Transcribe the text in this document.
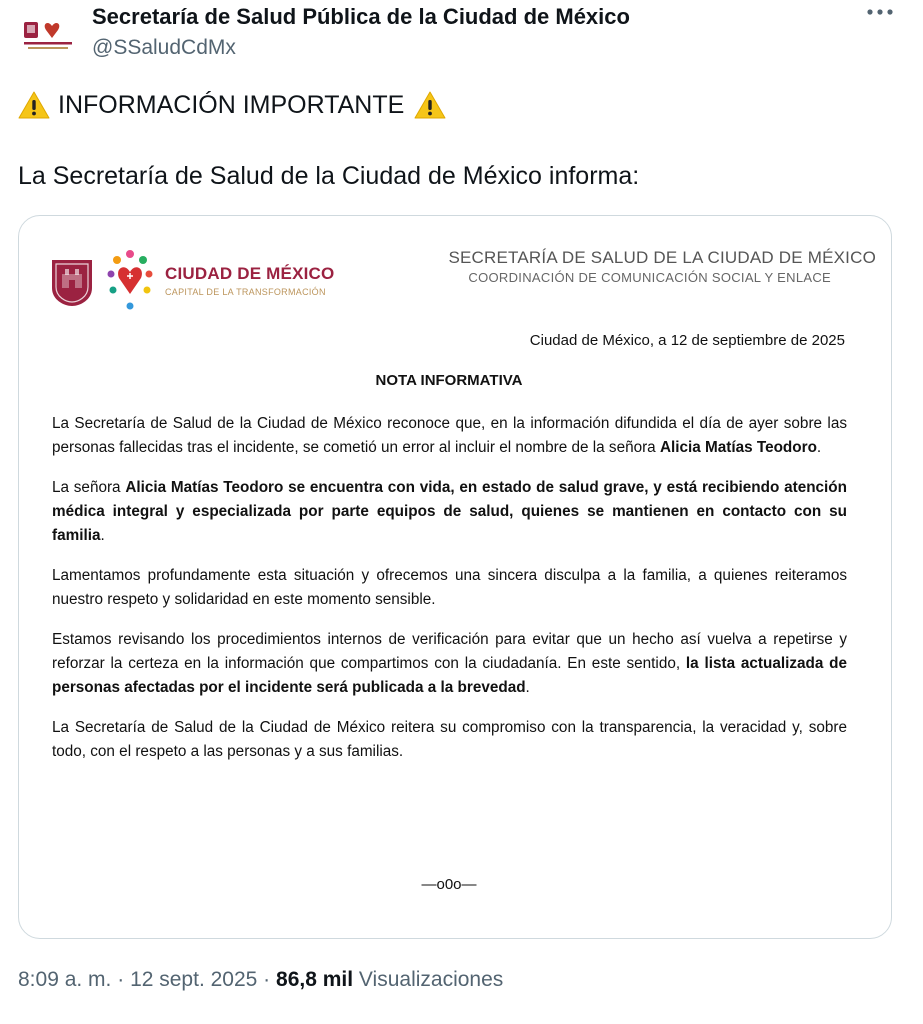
Secretaría de Salud Pública de la Ciudad de México
@SSaludCdMx
INFORMACIÓN IMPORTANTE
La Secretaría de Salud de la Ciudad de México informa:
CIUDAD DE MÉXICO
CAPITAL DE LA TRANSFORMACIÓN
SECRETARÍA DE SALUD DE LA CIUDAD DE MÉXICO
COORDINACIÓN DE COMUNICACIÓN SOCIAL Y ENLACE
Ciudad de México, a 12 de septiembre de 2025
NOTA INFORMATIVA

La Secretaría de Salud de la Ciudad de México reconoce que, en la información difundida el día de ayer sobre las personas fallecidas tras el incidente, se cometió un error al incluir el nombre de la señora Alicia Matías Teodoro.

La señora Alicia Matías Teodoro se encuentra con vida, en estado de salud grave, y está recibiendo atención médica integral y especializada por parte equipos de salud, quienes se mantienen en contacto con su familia.

Lamentamos profundamente esta situación y ofrecemos una sincera disculpa a la familia, a quienes reiteramos nuestro respeto y solidaridad en este momento sensible.

Estamos revisando los procedimientos internos de verificación para evitar que un hecho así vuelva a repetirse y reforzar la certeza en la información que compartimos con la ciudadanía. En este sentido, la lista actualizada de personas afectadas por el incidente será publicada a la brevedad.

La Secretaría de Salud de la Ciudad de México reitera su compromiso con la transparencia, la veracidad y, sobre todo, con el respeto a las personas y a sus familias.

—o0o—
8:09 a. m. · 12 sept. 2025 · 86,8 mil Visualizaciones
